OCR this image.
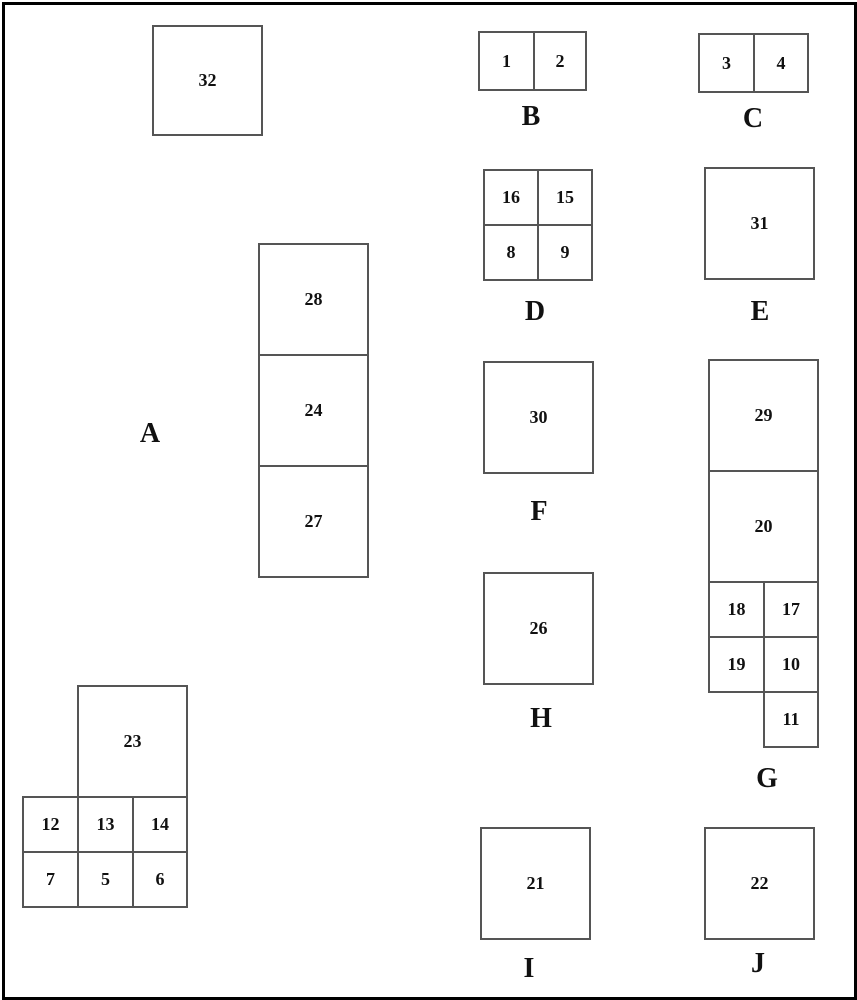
32
28
24
27
A
23
12	13	14
7	5	6
1	2
B
3	4
C
16	15
8	9
D
31
E
30
F
29
20
18	17
19	10
11
G
26
H
21
I
22
J
